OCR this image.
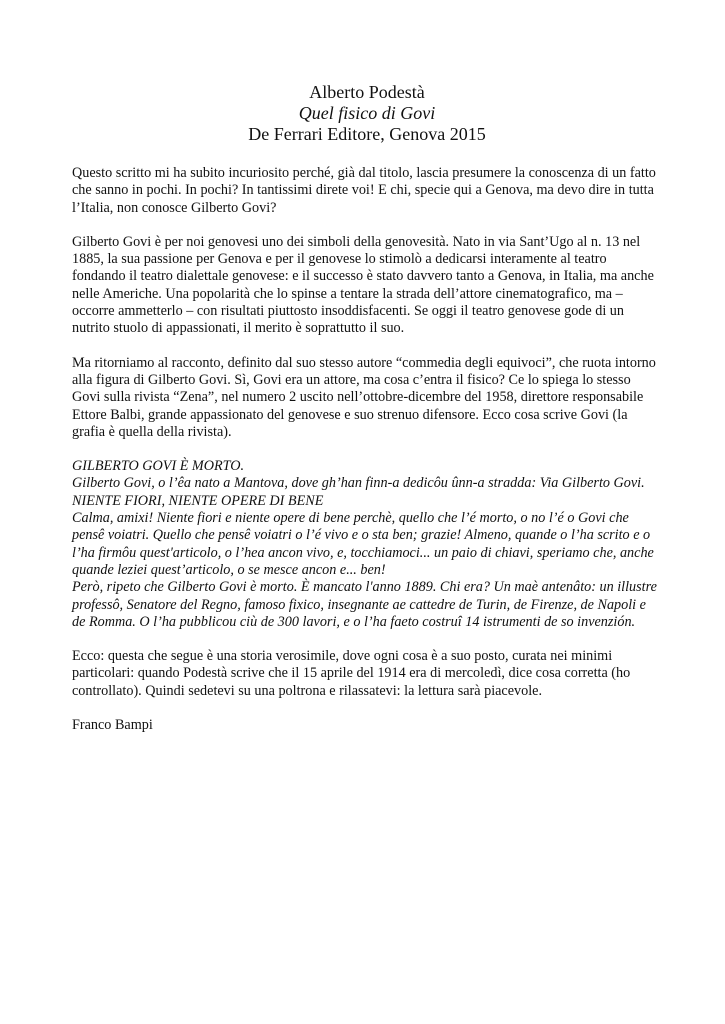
Alberto Podestà
Quel fisico di Govi
De Ferrari Editore, Genova 2015

Questo scritto mi ha subito incuriosito perché, già dal titolo, lascia presumere la conoscenza di un fatto che sanno in pochi. In pochi? In tantissimi direte voi! E chi, specie qui a Genova, ma devo dire in tutta l’Italia, non conosce Gilberto Govi?

Gilberto Govi è per noi genovesi uno dei simboli della genovesità. Nato in via Sant’Ugo al n. 13 nel 1885, la sua passione per Genova e per il genovese lo stimolò a dedicarsi interamente al teatro fondando il teatro dialettale genovese: e il successo è stato davvero tanto a Genova, in Italia, ma anche nelle Americhe. Una popolarità che lo spinse a tentare la strada dell’attore cinematografico, ma – occorre ammetterlo – con risultati piuttosto insoddisfacenti. Se oggi il teatro genovese gode di un nutrito stuolo di appassionati, il merito è soprattutto il suo.

Ma ritorniamo al racconto, definito dal suo stesso autore “commedia degli equivoci”, che ruota intorno alla figura di Gilberto Govi. Sì, Govi era un attore, ma cosa c’entra il fisico? Ce lo spiega lo stesso Govi sulla rivista “Zena”, nel numero 2 uscito nell’ottobre-dicembre del 1958, direttore responsabile Ettore Balbi, grande appassionato del genovese e suo strenuo difensore. Ecco cosa scrive Govi (la grafia è quella della rivista).

GILBERTO GOVI È MORTO.
Gilberto Govi, o l’êa nato a Mantova, dove gh’han finn-a dedicôu ûnn-a stradda: Via Gilberto Govi.
NIENTE FIORI, NIENTE OPERE DI BENE
Calma, amixi! Niente fiori e niente opere di bene perchè, quello che l’é morto, o no l’é o Govi che pensê voiatri. Quello che pensê voiatri o l’é vivo e o sta ben; grazie! Almeno, quande o l’ha scrito e o l’ha firmôu quest'articolo, o l’hea ancon vivo, e, tocchiamoci... un paio di chiavi, speriamo che, anche quande leziei quest’articolo, o se mesce ancon e... ben!
Però, ripeto che Gilberto Govi è morto. È mancato l'anno 1889. Chi era? Un maè antenâto: un illustre professô, Senatore del Regno, famoso fixico, insegnante ae cattedre de Turin, de Firenze, de Napoli e de Romma. O l’ha pubblicou ciù de 300 lavori, e o l’ha faeto costruî 14 istrumenti de so invenzión.

Ecco: questa che segue è una storia verosimile, dove ogni cosa è a suo posto, curata nei minimi particolari: quando Podestà scrive che il 15 aprile del 1914 era di mercoledì, dice cosa corretta (ho controllato). Quindi sedetevi su una poltrona e rilassatevi: la lettura sarà piacevole.

Franco Bampi
